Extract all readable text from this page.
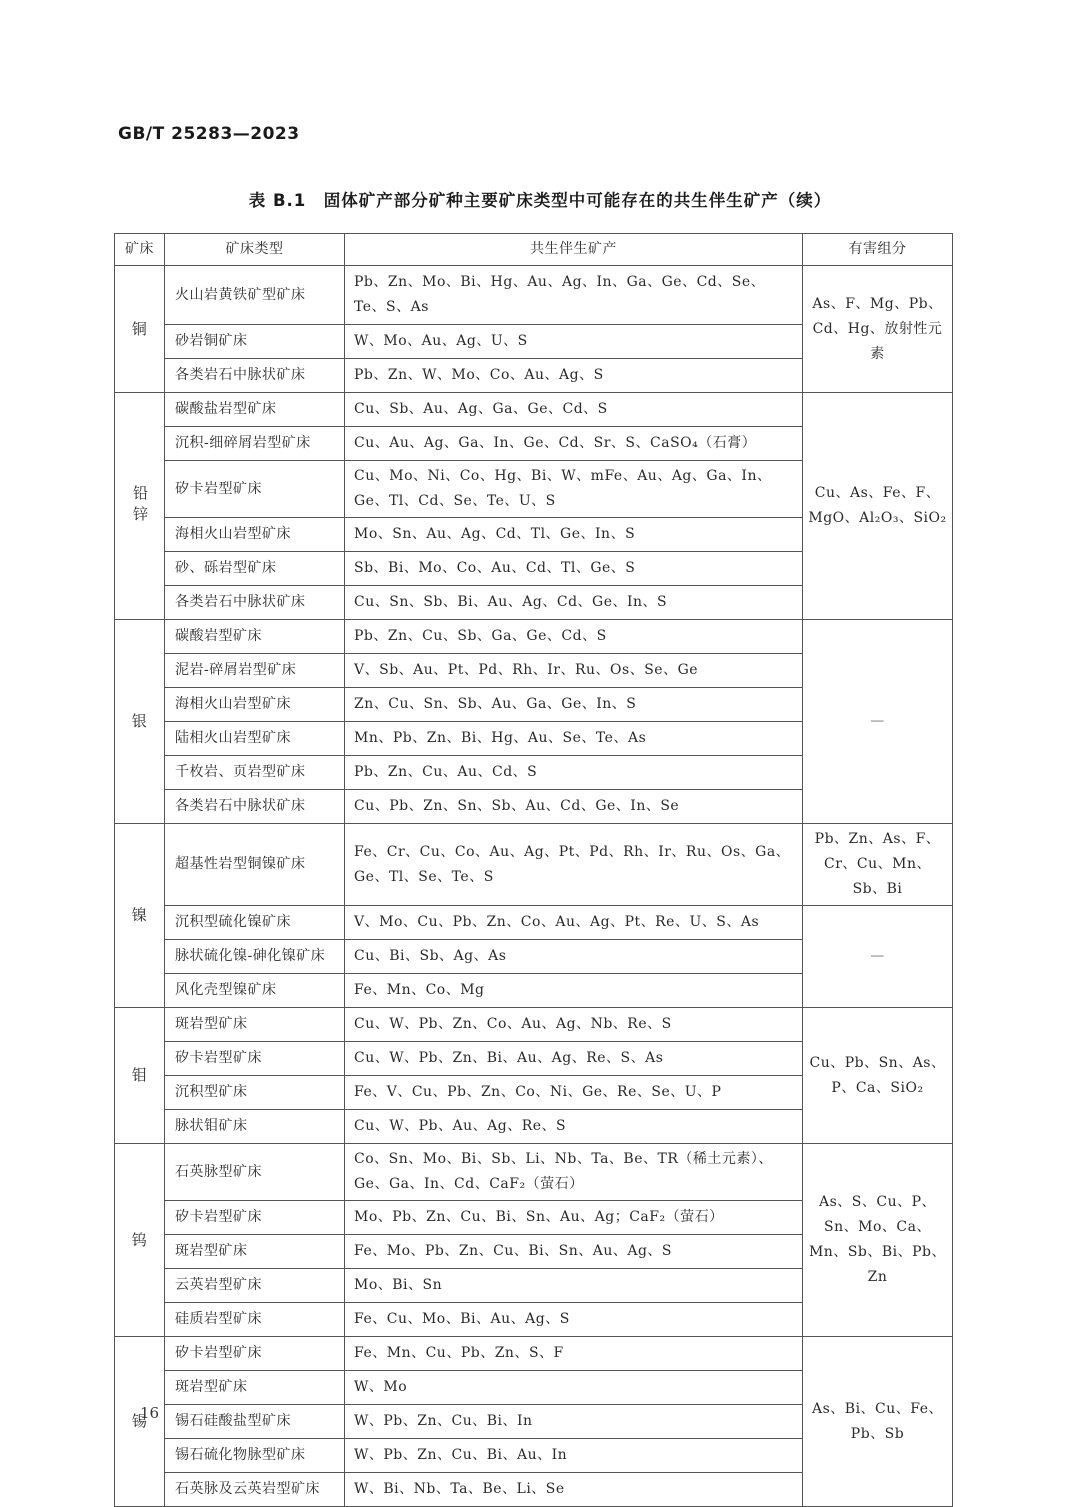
GB/T 25283—2023
表 B.1　固体矿产部分矿种主要矿床类型中可能存在的共生伴生矿产（续）
矿床	矿床类型	共生伴生矿产	有害组分
铜	火山岩黄铁矿型矿床	Pb、Zn、Mo、Bi、Hg、Au、Ag、In、Ga、Ge、Cd、Se、Te、S、As	As、F、Mg、Pb、Cd、Hg、放射性元素
	砂岩铜矿床	W、Mo、Au、Ag、U、S	
	各类岩石中脉状矿床	Pb、Zn、W、Mo、Co、Au、Ag、S	
铅锌	碳酸盐岩型矿床	Cu、Sb、Au、Ag、Ga、Ge、Cd、S	Cu、As、Fe、F、MgO、Al₂O₃、SiO₂
	沉积-细碎屑岩型矿床	Cu、Au、Ag、Ga、In、Ge、Cd、Sr、S、CaSO₄（石膏）	
	矽卡岩型矿床	Cu、Mo、Ni、Co、Hg、Bi、W、mFe、Au、Ag、Ga、In、Ge、Tl、Cd、Se、Te、U、S	
	海相火山岩型矿床	Mo、Sn、Au、Ag、Cd、Tl、Ge、In、S	
	砂、砾岩型矿床	Sb、Bi、Mo、Co、Au、Cd、Tl、Ge、S	
	各类岩石中脉状矿床	Cu、Sn、Sb、Bi、Au、Ag、Cd、Ge、In、S	
银	碳酸岩型矿床	Pb、Zn、Cu、Sb、Ga、Ge、Cd、S	—
	泥岩-碎屑岩型矿床	V、Sb、Au、Pt、Pd、Rh、Ir、Ru、Os、Se、Ge	
	海相火山岩型矿床	Zn、Cu、Sn、Sb、Au、Ga、Ge、In、S	
	陆相火山岩型矿床	Mn、Pb、Zn、Bi、Hg、Au、Se、Te、As	
	千枚岩、页岩型矿床	Pb、Zn、Cu、Au、Cd、S	
	各类岩石中脉状矿床	Cu、Pb、Zn、Sn、Sb、Au、Cd、Ge、In、Se	
镍	超基性岩型铜镍矿床	Fe、Cr、Cu、Co、Au、Ag、Pt、Pd、Rh、Ir、Ru、Os、Ga、Ge、Tl、Se、Te、S	Pb、Zn、As、F、Cr、Cu、Mn、Sb、Bi
	沉积型硫化镍矿床	V、Mo、Cu、Pb、Zn、Co、Au、Ag、Pt、Re、U、S、As	—
	脉状硫化镍-砷化镍矿床	Cu、Bi、Sb、Ag、As	
	风化壳型镍矿床	Fe、Mn、Co、Mg	
钼	斑岩型矿床	Cu、W、Pb、Zn、Co、Au、Ag、Nb、Re、S	Cu、Pb、Sn、As、P、Ca、SiO₂
	矽卡岩型矿床	Cu、W、Pb、Zn、Bi、Au、Ag、Re、S、As	
	沉积型矿床	Fe、V、Cu、Pb、Zn、Co、Ni、Ge、Re、Se、U、P	
	脉状钼矿床	Cu、W、Pb、Au、Ag、Re、S	
钨	石英脉型矿床	Co、Sn、Mo、Bi、Sb、Li、Nb、Ta、Be、TR（稀土元素）、Ge、Ga、In、Cd、CaF₂（萤石）	As、S、Cu、P、Sn、Mo、Ca、Mn、Sb、Bi、Pb、Zn
	矽卡岩型矿床	Mo、Pb、Zn、Cu、Bi、Sn、Au、Ag；CaF₂（萤石）	
	斑岩型矿床	Fe、Mo、Pb、Zn、Cu、Bi、Sn、Au、Ag、S	
	云英岩型矿床	Mo、Bi、Sn	
	硅质岩型矿床	Fe、Cu、Mo、Bi、Au、Ag、S	
锡	矽卡岩型矿床	Fe、Mn、Cu、Pb、Zn、S、F	As、Bi、Cu、Fe、Pb、Sb
	斑岩型矿床	W、Mo	
	锡石硅酸盐型矿床	W、Pb、Zn、Cu、Bi、In	
	锡石硫化物脉型矿床	W、Pb、Zn、Cu、Bi、Au、In	
	石英脉及云英岩型矿床	W、Bi、Nb、Ta、Be、Li、Se	
16
